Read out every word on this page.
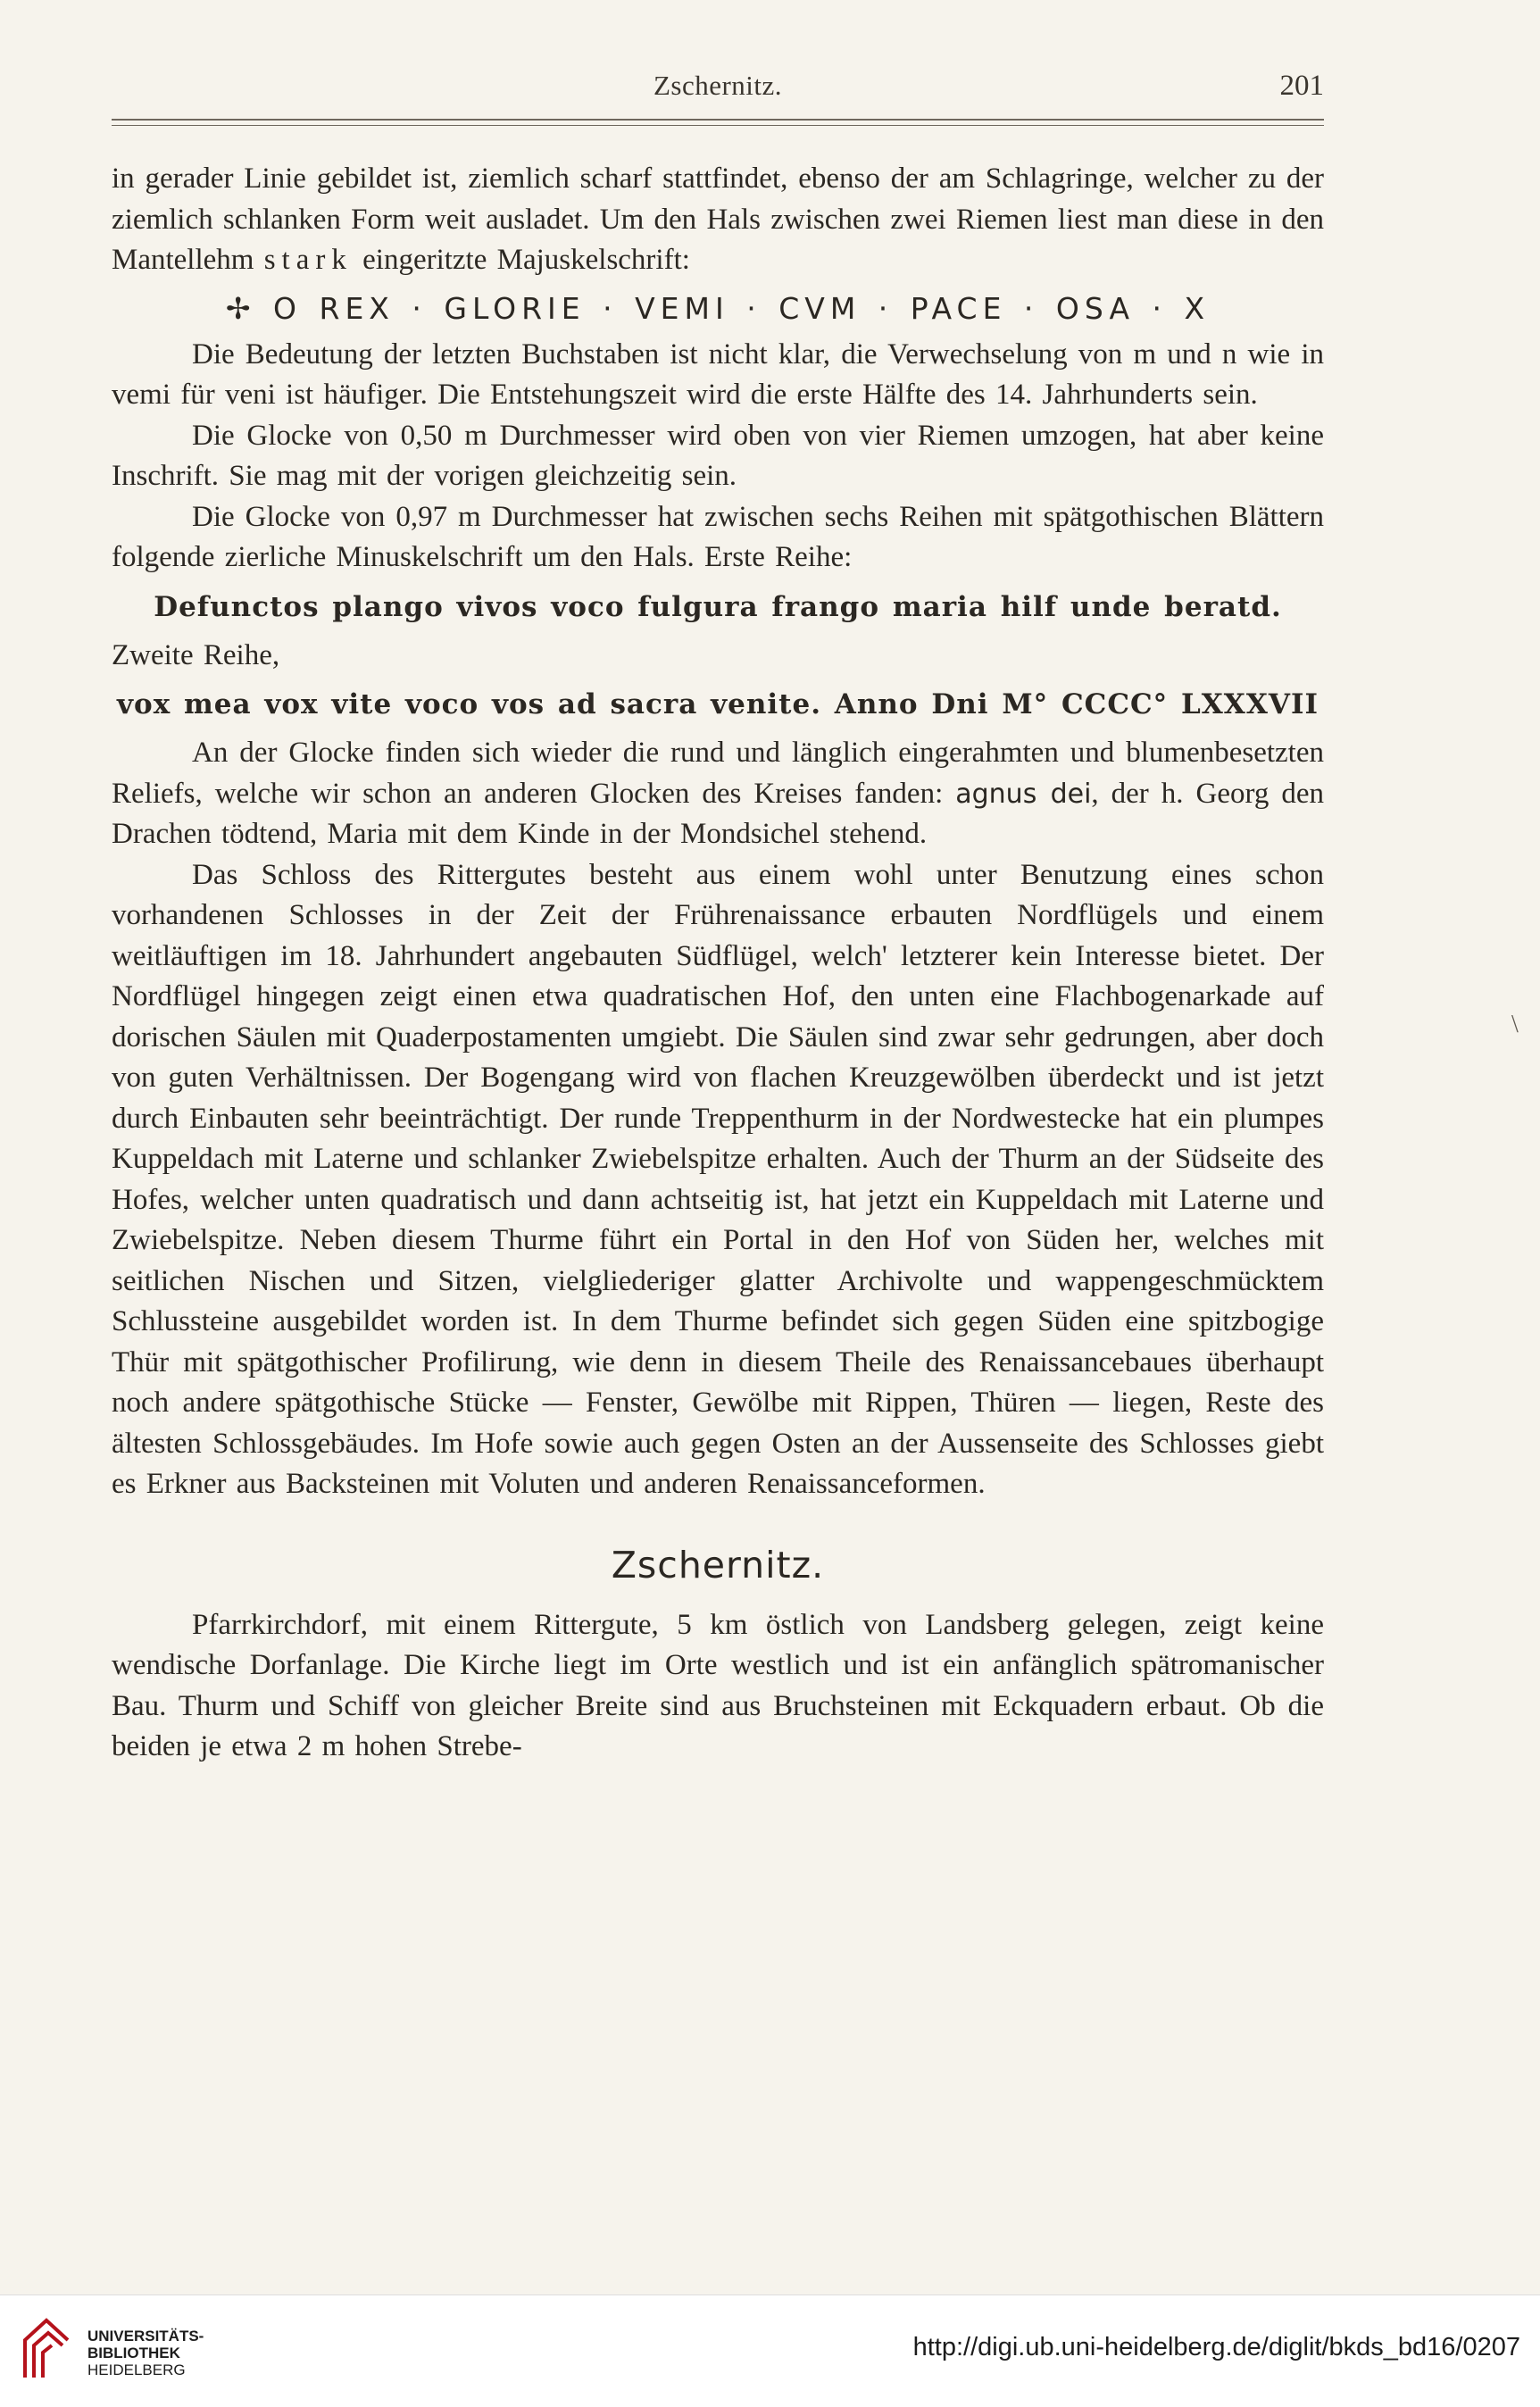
Zschernitz.	201

in gerader Linie gebildet ist, ziemlich scharf stattfindet, ebenso der am Schlagringe, welcher zu der ziemlich schlanken Form weit ausladet. Um den Hals zwischen zwei Riemen liest man diese in den Mantellehm stark eingeritzte Majuskelschrift:

✢ O REX · GLORIE · VEMI · CVM · PACE · OSA · X

Die Bedeutung der letzten Buchstaben ist nicht klar, die Verwechselung von m und n wie in vemi für veni ist häufiger. Die Entstehungszeit wird die erste Hälfte des 14. Jahrhunderts sein.

Die Glocke von 0,50 m Durchmesser wird oben von vier Riemen umzogen, hat aber keine Inschrift. Sie mag mit der vorigen gleichzeitig sein.

Die Glocke von 0,97 m Durchmesser hat zwischen sechs Reihen mit spätgothischen Blättern folgende zierliche Minuskelschrift um den Hals. Erste Reihe:

Defunctos plango vivos voco fulgura frango maria hilf unde beratd.

Zweite Reihe,

vox mea vox vite voco vos ad sacra venite. Anno Dni M° CCCC° LXXXVII

An der Glocke finden sich wieder die rund und länglich eingerahmten und blumenbesetzten Reliefs, welche wir schon an anderen Glocken des Kreises fanden: agnus dei, der h. Georg den Drachen tödtend, Maria mit dem Kinde in der Mondsichel stehend.

Das Schloss des Rittergutes besteht aus einem wohl unter Benutzung eines schon vorhandenen Schlosses in der Zeit der Frührenaissance erbauten Nordflügels und einem weitläuftigen im 18. Jahrhundert angebauten Südflügel, welch' letzterer kein Interesse bietet. Der Nordflügel hingegen zeigt einen etwa quadratischen Hof, den unten eine Flachbogenarkade auf dorischen Säulen mit Quaderpostamenten umgiebt. Die Säulen sind zwar sehr gedrungen, aber doch von guten Verhältnissen. Der Bogengang wird von flachen Kreuzgewölben überdeckt und ist jetzt durch Einbauten sehr beeinträchtigt. Der runde Treppenthurm in der Nordwestecke hat ein plumpes Kuppeldach mit Laterne und schlanker Zwiebelspitze erhalten. Auch der Thurm an der Südseite des Hofes, welcher unten quadratisch und dann achtseitig ist, hat jetzt ein Kuppeldach mit Laterne und Zwiebelspitze. Neben diesem Thurme führt ein Portal in den Hof von Süden her, welches mit seitlichen Nischen und Sitzen, vielgliederiger glatter Archivolte und wappengeschmücktem Schlussteine ausgebildet worden ist. In dem Thurme befindet sich gegen Süden eine spitzbogige Thür mit spätgothischer Profilirung, wie denn in diesem Theile des Renaissancebaues überhaupt noch andere spätgothische Stücke — Fenster, Gewölbe mit Rippen, Thüren — liegen, Reste des ältesten Schlossgebäudes. Im Hofe sowie auch gegen Osten an der Aussenseite des Schlosses giebt es Erkner aus Backsteinen mit Voluten und anderen Renaissanceformen.

Zschernitz.

Pfarrkirchdorf, mit einem Rittergute, 5 km östlich von Landsberg gelegen, zeigt keine wendische Dorfanlage. Die Kirche liegt im Orte westlich und ist ein anfänglich spätromanischer Bau. Thurm und Schiff von gleicher Breite sind aus Bruchsteinen mit Eckquadern erbaut. Ob die beiden je etwa 2 m hohen Strebe-

\
UNIVERSITÄTS-
BIBLIOTHEK
HEIDELBERG
http://digi.ub.uni-heidelberg.de/diglit/bkds_bd16/0207
